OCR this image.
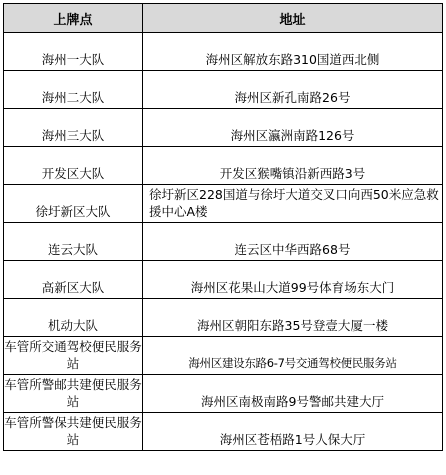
上牌点	地址
海州一大队	海州区解放东路310国道西北侧
海州二大队	海州区新孔南路26号
海州三大队	海州区瀛洲南路126号
开发区大队	开发区猴嘴镇沿新西路3号
徐圩新区大队	徐圩新区228国道与徐圩大道交叉口向西50米应急救援中心A楼
连云大队	连云区中华西路68号
高新区大队	海州区花果山大道99号体育场东大门
机动大队	海州区朝阳东路35号登壹大厦一楼
车管所交通驾校便民服务站	海州区建设东路6-7号交通驾校便民服务站
车管所警邮共建便民服务站	海州区南极南路9号警邮共建大厅
车管所警保共建便民服务站	海州区苍梧路1号人保大厅
